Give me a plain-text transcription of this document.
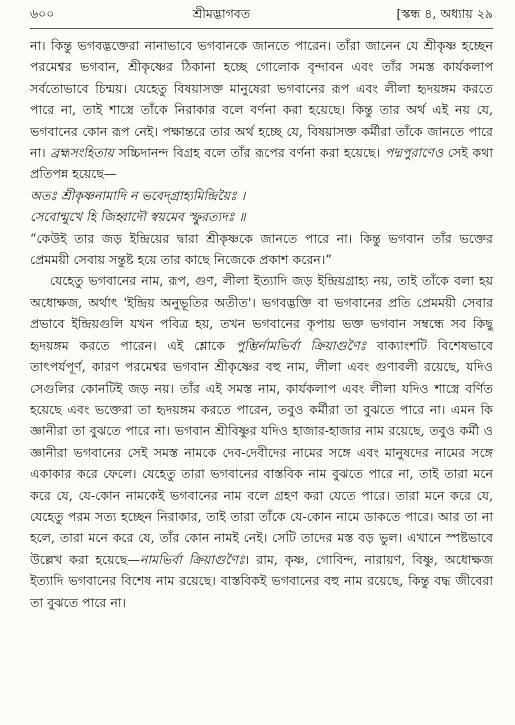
৬০০	শ্রীমদ্ভাগবত	[স্কন্ধ ৪, অধ্যায় ২৯

না। কিন্তু ভগবদ্ভক্তেরা নানাভাবে ভগবানকে জানতে পারেন। তাঁরা জানেন যে শ্রীকৃষ্ণ হচ্ছেন পরমেশ্বর ভগবান, শ্রীকৃষ্ণের ঠিকানা হচ্ছে গোলোক বৃন্দাবন এবং তাঁর সমস্ত কার্যকলাপ সর্বতোভাবে চিন্ময়। যেহেতু বিষয়াসক্ত মানুষেরা ভগবানের রূপ এবং লীলা হৃদয়ঙ্গম করতে পারে না, তাই শাস্ত্রে তাঁকে নিরাকার বলে বর্ণনা করা হয়েছে। কিন্তু তার অর্থ এই নয় যে, ভগবানের কোন রূপ নেই। পক্ষান্তরে তার অর্থ হচ্ছে যে, বিষয়াসক্ত কর্মীরা তাঁকে জানতে পারে না। ব্রহ্মসংহিতায় সচ্চিদানন্দ বিগ্রহ বলে তাঁর রূপের বর্ণনা করা হয়েছে। পদ্মপুরাণেও সেই কথা প্রতিপন্ন হয়েছে—

অতঃ শ্রীকৃষ্ণনামাদি ন ভবেদ্গ্রাহ্যমিন্দ্রিয়ৈঃ ।

সেবোন্মুখে হি জিহ্বাদৌ স্বয়মেব স্ফুরত্যদঃ ॥

“কেউই তার জড় ইন্দ্রিয়ের দ্বারা শ্রীকৃষ্ণকে জানতে পারে না। কিন্তু ভগবান তাঁর ভক্তের প্রেমময়ী সেবায় সন্তুষ্ট হয়ে তার কাছে নিজেকে প্রকাশ করেন।”

যেহেতু ভগবানের নাম, রূপ, গুণ, লীলা ইত্যাদি জড় ইন্দ্রিয়গ্রাহ্য নয়, তাই তাঁকে বলা হয় অধোক্ষজ, অর্থাৎ 'ইন্দ্রিয় অনুভূতির অতীত'। ভগবদ্ভক্তি বা ভগবানের প্রতি প্রেমময়ী সেবার প্রভাবে ইন্দ্রিয়গুলি যখন পবিত্র হয়, তখন ভগবানের কৃপায় ভক্ত ভগবান সম্বন্ধে সব কিছু হৃদয়ঙ্গম করতে পারেন। এই শ্লোকে পুম্ভির্নামভির্বা ক্রিয়াগুণৈঃ বাক্যাংশটি বিশেষভাবে তাৎপর্যপূর্ণ, কারণ পরমেশ্বর ভগবান শ্রীকৃষ্ণের বহু নাম, লীলা এবং গুণাবলী রয়েছে, যদিও সেগুলির কোনটিই জড় নয়। তাঁর এই সমস্ত নাম, কার্যকলাপ এবং লীলা যদিও শাস্ত্রে বর্ণিত হয়েছে এবং ভক্তেরা তা হৃদয়ঙ্গম করতে পারেন, তবুও কর্মীরা তা বুঝতে পারে না। এমন কি জ্ঞানীরা তা বুঝতে পারে না। ভগবান শ্রীবিষ্ণুর যদিও হাজার-হাজার নাম রয়েছে, তবুও কর্মী ও জ্ঞানীরা ভগবানের সেই সমস্ত নামকে দেব-দেবীদের নামের সঙ্গে এবং মানুষদের নামের সঙ্গে একাকার করে ফেলে। যেহেতু তারা ভগবানের বাস্তবিক নাম বুঝতে পারে না, তাই তারা মনে করে যে, যে-কোন নামকেই ভগবানের নাম বলে গ্রহণ করা যেতে পারে। তারা মনে করে যে, যেহেতু পরম সত্য হচ্ছেন নিরাকার, তাই তারা তাঁকে যে-কোন নামে ডাকতে পারে। আর তা না হলে, তারা মনে করে যে, তাঁর কোন নামই নেই। সেটি তাদের মস্ত বড় ভুল। এখানে স্পষ্টভাবে উল্লেখ করা হয়েছে—নামভির্বা ক্রিয়াগুণৈঃ। রাম, কৃষ্ণ, গোবিন্দ, নারায়ণ, বিষ্ণু, অধোক্ষজ ইত্যাদি ভগবানের বিশেষ নাম রয়েছে। বাস্তবিকই ভগবানের বহু নাম রয়েছে, কিন্তু বদ্ধ জীবেরা তা বুঝতে পারে না।
